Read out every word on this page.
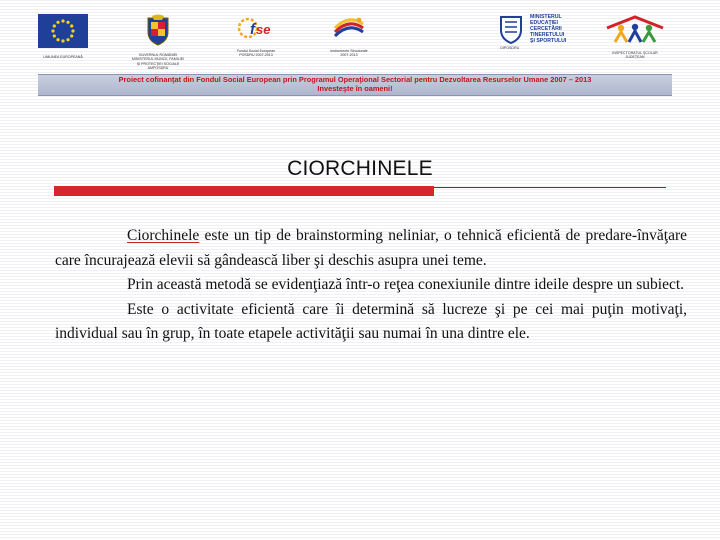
UNIUNEA EUROPEANĂ	GUVERNUL ROMÂNIEI
MINISTERUL MUNCII, FAMILIEI
ŞI PROTECŢIEI SOCIALE
AMPOSDRU
f se
Fondul Social European
POSDRU 2007-2013
Instrumente Structurale
2007-2013
MINISTERUL
EDUCAŢIEI
CERCETĂRII
TINERETULUI
ŞI SPORTULUI
OIPOSDRU
INSPECTORATUL ŞCOLAR
JUDEŢEAN
Proiect cofinanţat din Fondul Social European prin Programul Operaţional Sectorial pentru Dezvoltarea Resurselor Umane 2007 – 2013
Investeşte în oameni!
CIORCHINELE

Ciorchinele este un tip de brainstorming neliniar, o tehnică eficientă de predare-învăţare care încurajează elevii să gândească liber şi deschis asupra unei teme.

Prin această metodă se evidenţiază într-o reţea conexiunile dintre ideile despre un subiect.

Este o activitate eficientă care îi determină să lucreze şi pe cei mai puţin motivaţi, individual sau în grup, în toate etapele activităţii sau numai în una dintre ele.
